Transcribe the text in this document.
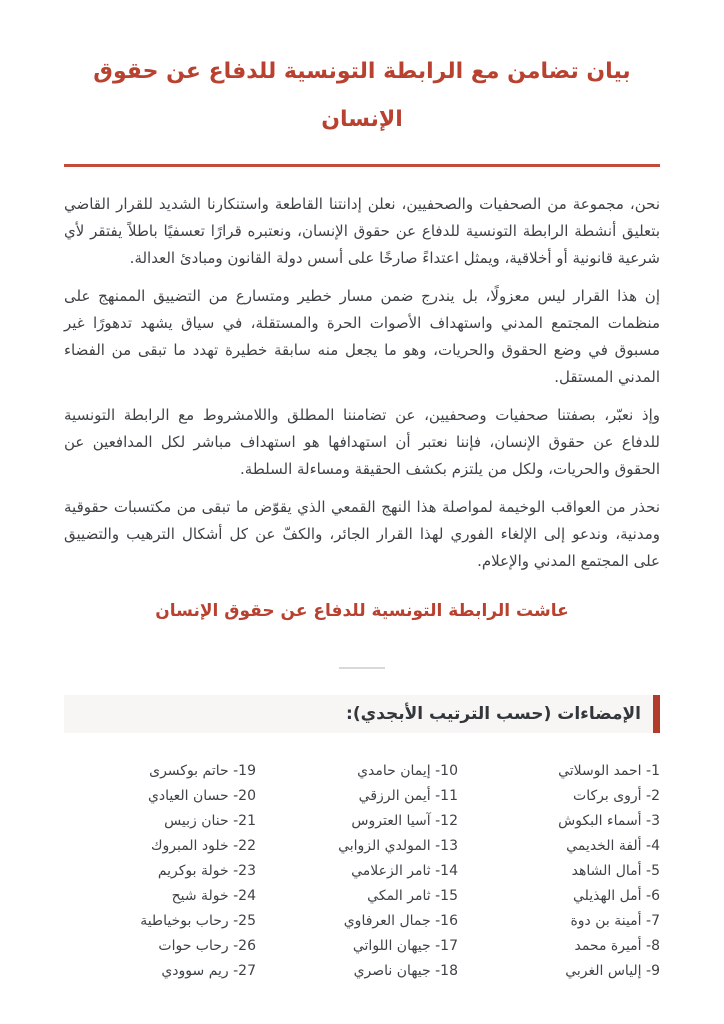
بيان تضامن مع الرابطة التونسية للدفاع عن حقوق الإنسان

نحن، مجموعة من الصحفيات والصحفيين، نعلن إدانتنا القاطعة واستنكارنا الشديد للقرار القاضي بتعليق أنشطة الرابطة التونسية للدفاع عن حقوق الإنسان، ونعتبره قرارًا تعسفيًا باطلاً يفتقر لأي شرعية قانونية أو أخلاقية، ويمثل اعتداءً صارخًا على أسس دولة القانون ومبادئ العدالة.

إن هذا القرار ليس معزولًا، بل يندرج ضمن مسار خطير ومتسارع من التضييق الممنهج على منظمات المجتمع المدني واستهداف الأصوات الحرة والمستقلة، في سياق يشهد تدهورًا غير مسبوق في وضع الحقوق والحريات، وهو ما يجعل منه سابقة خطيرة تهدد ما تبقى من الفضاء المدني المستقل.

وإذ نعبّر، بصفتنا صحفيات وصحفيين، عن تضامننا المطلق واللامشروط مع الرابطة التونسية للدفاع عن حقوق الإنسان، فإننا نعتبر أن استهدافها هو استهداف مباشر لكل المدافعين عن الحقوق والحريات، ولكل من يلتزم بكشف الحقيقة ومساءلة السلطة.

نحذر من العواقب الوخيمة لمواصلة هذا النهج القمعي الذي يقوّض ما تبقى من مكتسبات حقوقية ومدنية، وندعو إلى الإلغاء الفوري لهذا القرار الجائر، والكفّ عن كل أشكال الترهيب والتضييق على المجتمع المدني والإعلام.

عاشت الرابطة التونسية للدفاع عن حقوق الإنسان
الإمضاءات (حسب الترتيب الأبجدي):
1- احمد الوسلاتي
2- أروى بركات
3- أسماء البكوش
4- ألفة الخديمي
5- أمال الشاهد
6- أمل الهذيلي
7- أمينة بن دوة
8- أميرة محمد
9- إلياس الغربي
10- إيمان حامدي
11- أيمن الرزقي
12- آسيا العتروس
13- المولدي الزوابي
14- ثامر الزعلامي
15- ثامر المكي
16- جمال العرفاوي
17- جيهان اللواتي
18- جيهان ناصري
19- حاتم بوكسرى
20- حسان العيادي
21- حنان زبيس
22- خلود المبروك
23- خولة بوكريم
24- خولة شيح
25- رحاب بوخياطية
26- رحاب حوات
27- ريم سوودي
